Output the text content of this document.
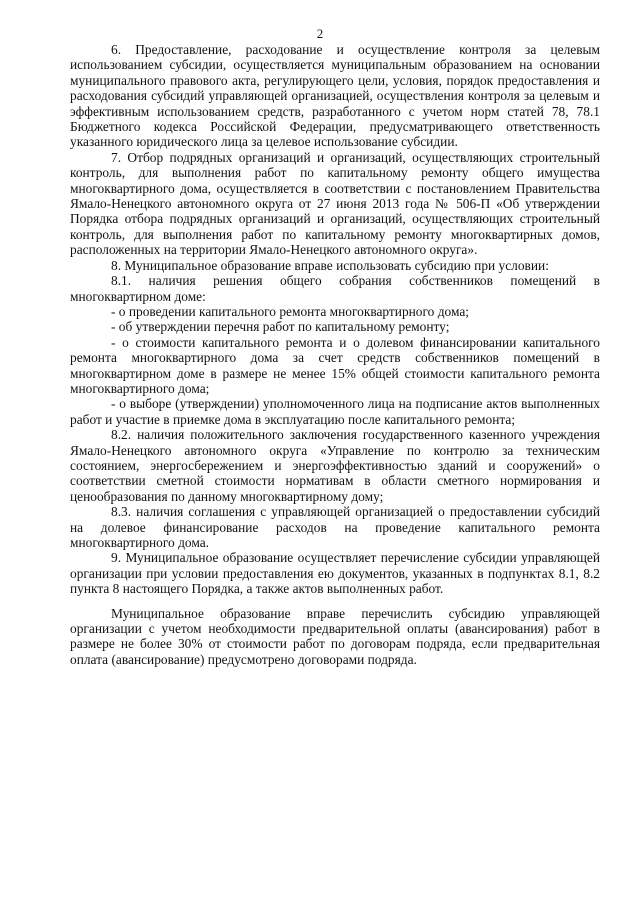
2

6. Предоставление, расходование и осуществление контроля за целевым использованием субсидии, осуществляется муниципальным образованием на основании муниципального правового акта, регулирующего цели, условия, порядок предоставления и расходования субсидий управляющей организацией, осуществления контроля за целевым и эффективным использованием средств, разработанного с учетом норм статей 78, 78.1 Бюджетного кодекса Российской Федерации, предусматривающего ответственность указанного юридического лица за целевое использование субсидии.

7. Отбор подрядных организаций и организаций, осуществляющих строительный контроль, для выполнения работ по капитальному ремонту общего имущества многоквартирного дома, осуществляется в соответствии с постановлением Правительства Ямало-Ненецкого автономного округа от 27 июня 2013 года № 506-П «Об утверждении Порядка отбора подрядных организаций и организаций, осуществляющих строительный контроль, для выполнения работ по капитальному ремонту многоквартирных домов, расположенных на территории Ямало-Ненецкого автономного округа».

8. Муниципальное образование вправе использовать субсидию при условии:

8.1. наличия решения общего собрания собственников помещений в многоквартирном доме:

- о проведении капитального ремонта многоквартирного дома;

- об утверждении перечня работ по капитальному ремонту;

- о стоимости капитального ремонта и о долевом финансировании капитального ремонта многоквартирного дома за счет средств собственников помещений в многоквартирном доме в размере не менее 15% общей стоимости капитального ремонта многоквартирного дома;

- о выборе (утверждении) уполномоченного лица на подписание актов выполненных работ и участие в приемке дома в эксплуатацию после капитального ремонта;

8.2. наличия положительного заключения государственного казенного учреждения Ямало-Ненецкого автономного округа «Управление по контролю за техническим состоянием, энергосбережением и энергоэффективностью зданий и сооружений» о соответствии сметной стоимости нормативам в области сметного нормирования и ценообразования по данному многоквартирному дому;

8.3. наличия соглашения с управляющей организацией о предоставлении субсидий на долевое финансирование расходов на проведение капитального ремонта многоквартирного дома.

9. Муниципальное образование осуществляет перечисление субсидии управляющей организации при условии предоставления ею документов, указанных в подпунктах 8.1, 8.2 пункта 8 настоящего Порядка, а также актов выполненных работ.

Муниципальное образование вправе перечислить субсидию управляющей организации с учетом необходимости предварительной оплаты (авансирования) работ в размере не более 30% от стоимости работ по договорам подряда, если предварительная оплата (авансирование) предусмотрено договорами подряда.
